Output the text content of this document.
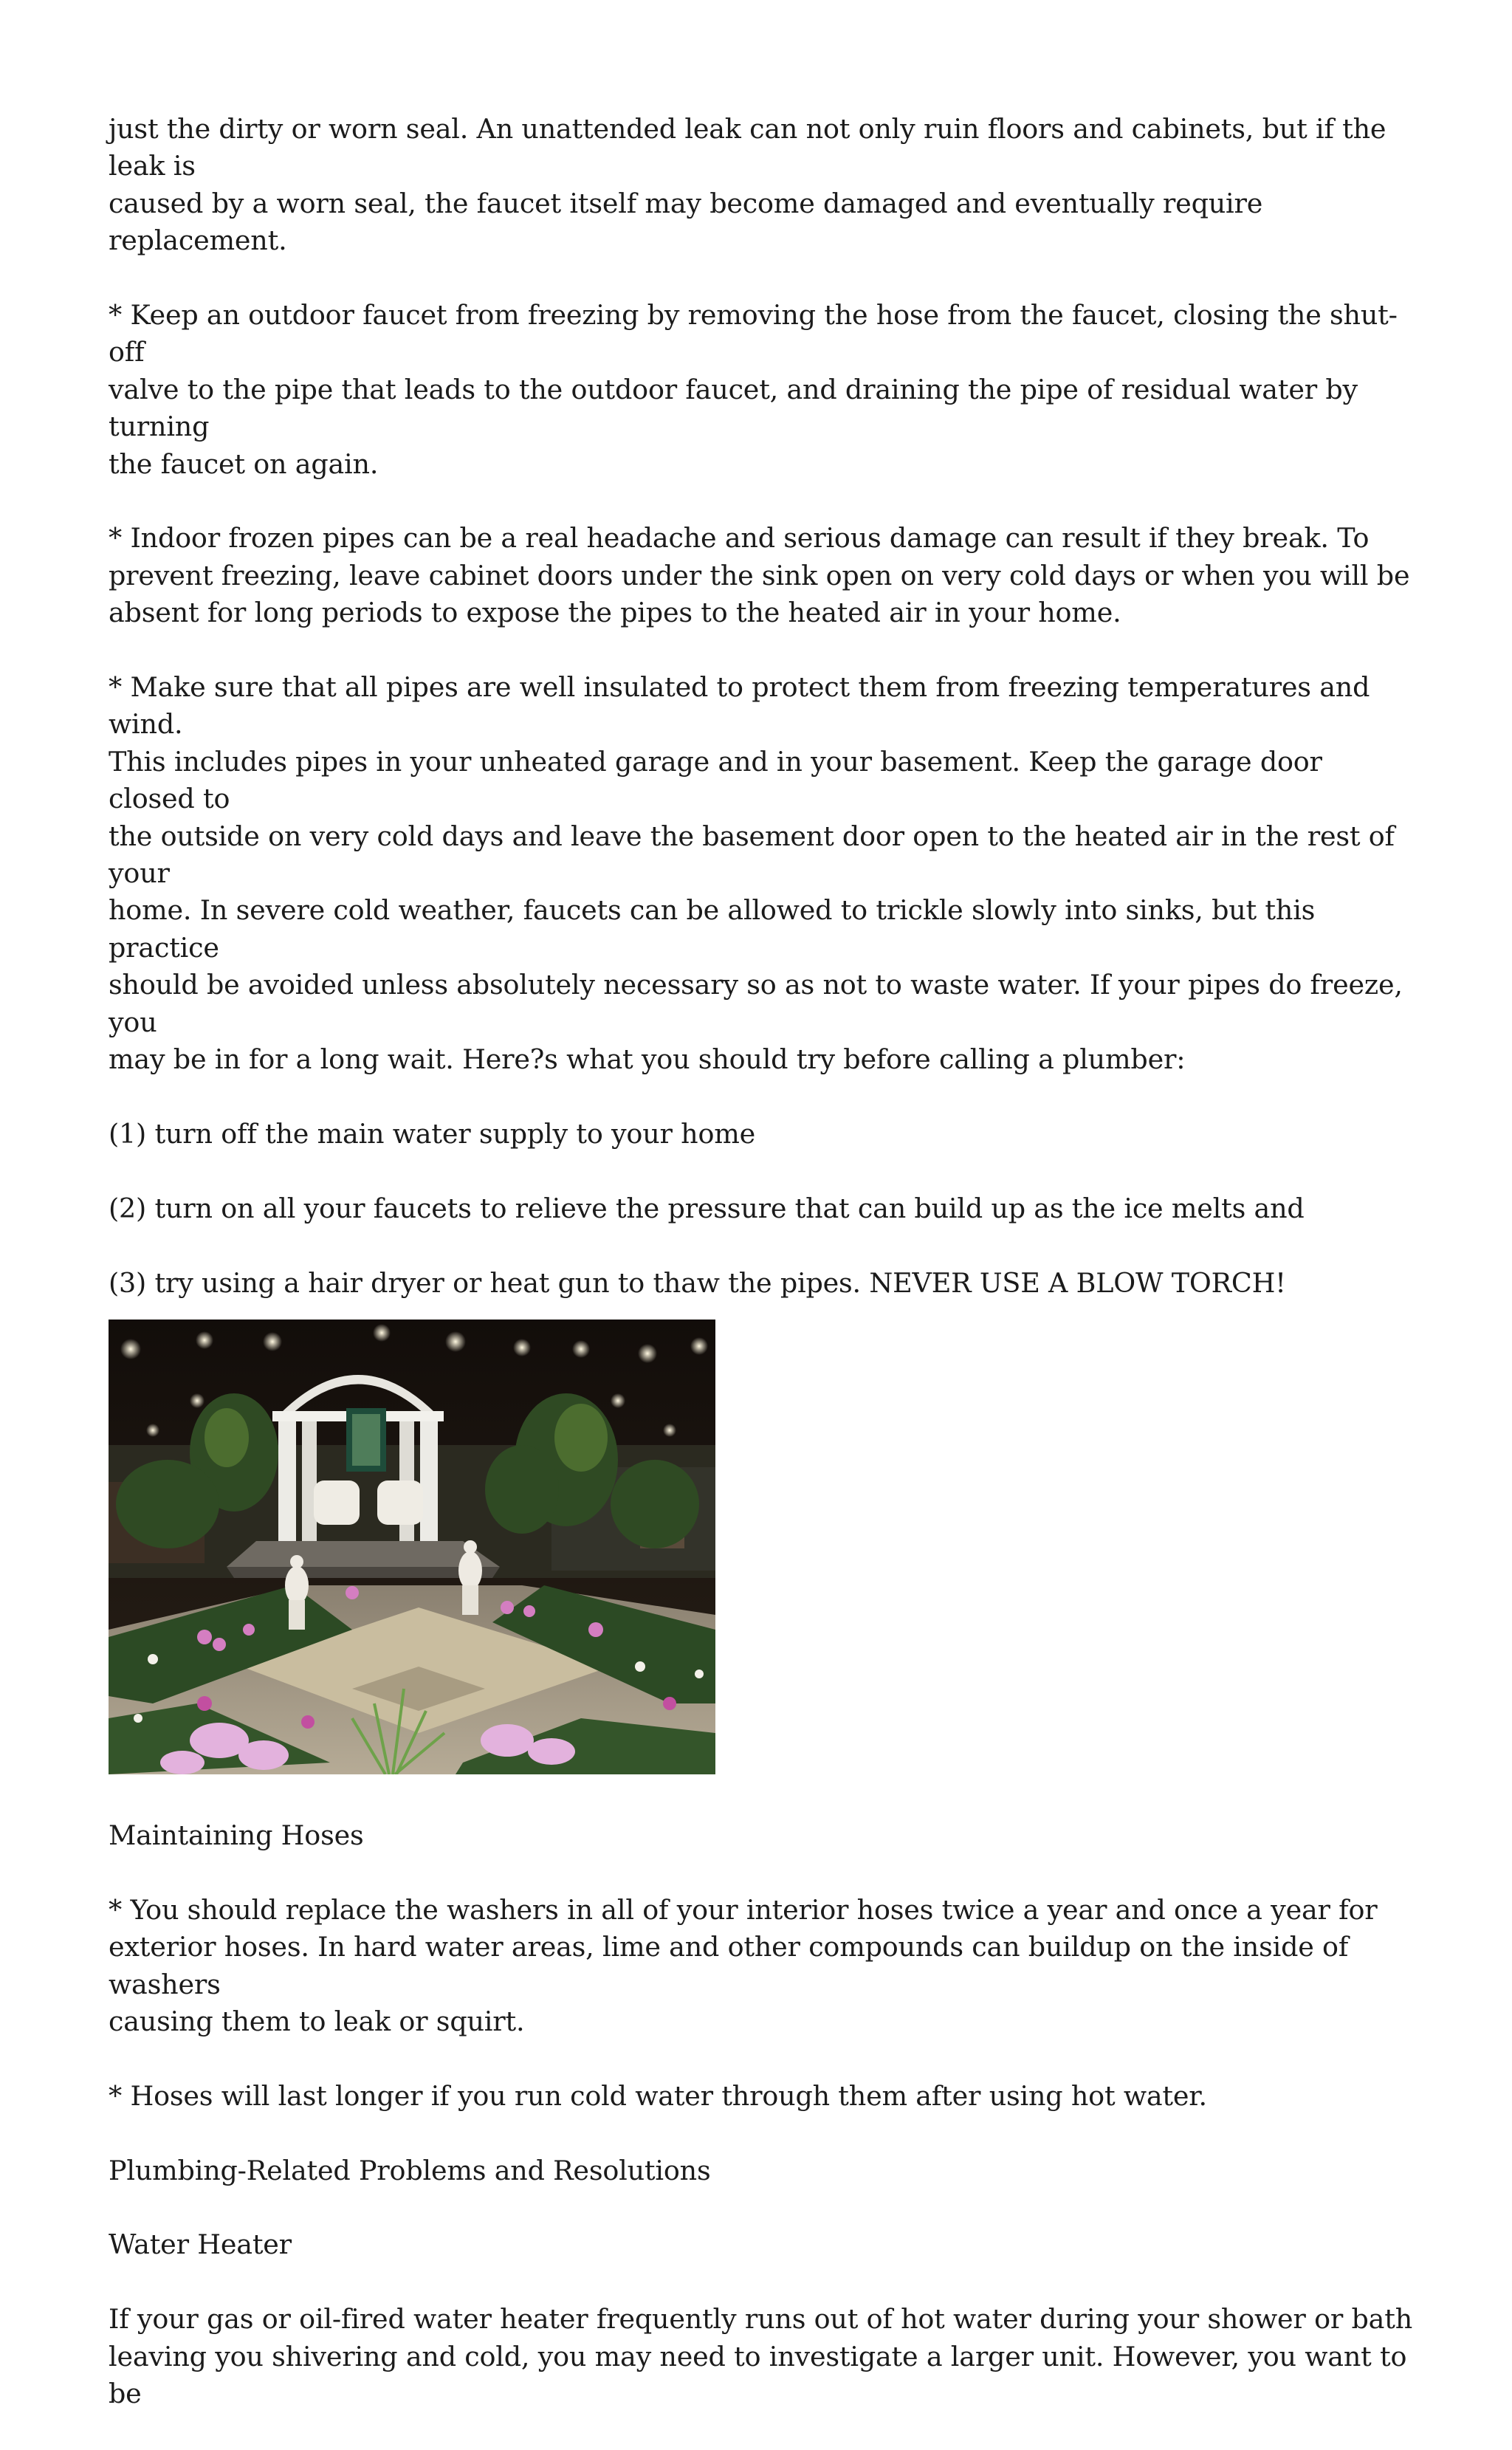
just the dirty or worn seal. An unattended leak can not only ruin floors and cabinets, but if the leak is
caused by a worn seal, the faucet itself may become damaged and eventually require replacement.

* Keep an outdoor faucet from freezing by removing the hose from the faucet, closing the shut-off
valve to the pipe that leads to the outdoor faucet, and draining the pipe of residual water by turning
the faucet on again.

* Indoor frozen pipes can be a real headache and serious damage can result if they break. To
prevent freezing, leave cabinet doors under the sink open on very cold days or when you will be
absent for long periods to expose the pipes to the heated air in your home.

* Make sure that all pipes are well insulated to protect them from freezing temperatures and wind.
This includes pipes in your unheated garage and in your basement. Keep the garage door closed to
the outside on very cold days and leave the basement door open to the heated air in the rest of your
home. In severe cold weather, faucets can be allowed to trickle slowly into sinks, but this practice
should be avoided unless absolutely necessary so as not to waste water. If your pipes do freeze, you
may be in for a long wait. Here?s what you should try before calling a plumber:

(1) turn off the main water supply to your home

(2) turn on all your faucets to relieve the pressure that can build up as the ice melts and

(3) try using a hair dryer or heat gun to thaw the pipes. NEVER USE A BLOW TORCH!

Maintaining Hoses

* You should replace the washers in all of your interior hoses twice a year and once a year for
exterior hoses. In hard water areas, lime and other compounds can buildup on the inside of washers
causing them to leak or squirt.

* Hoses will last longer if you run cold water through them after using hot water.

Plumbing-Related Problems and Resolutions

Water Heater

If your gas or oil-fired water heater frequently runs out of hot water during your shower or bath
leaving you shivering and cold, you may need to investigate a larger unit. However, you want to be
